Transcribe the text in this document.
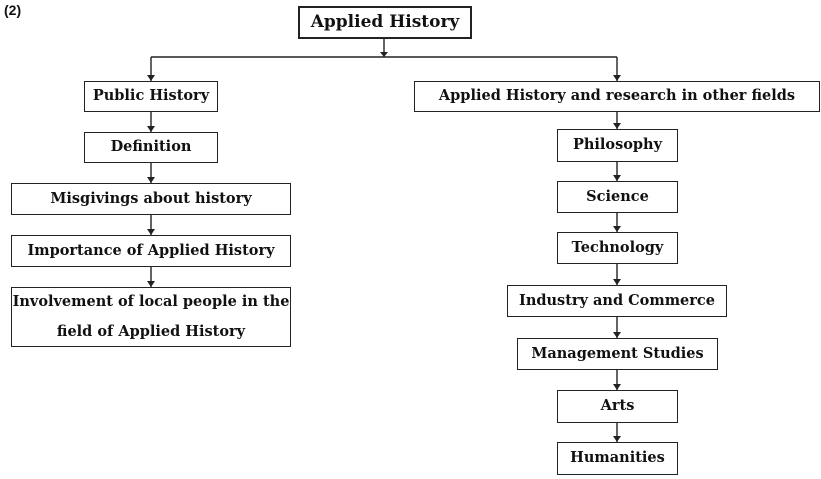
(2)
Applied History
Public History
Definition
Misgivings about history
Importance of Applied History
Involvement of local people in the field of Applied History
Applied History and research in other fields
Philosophy
Science
Technology
Industry and Commerce
Management Studies
Arts
Humanities
